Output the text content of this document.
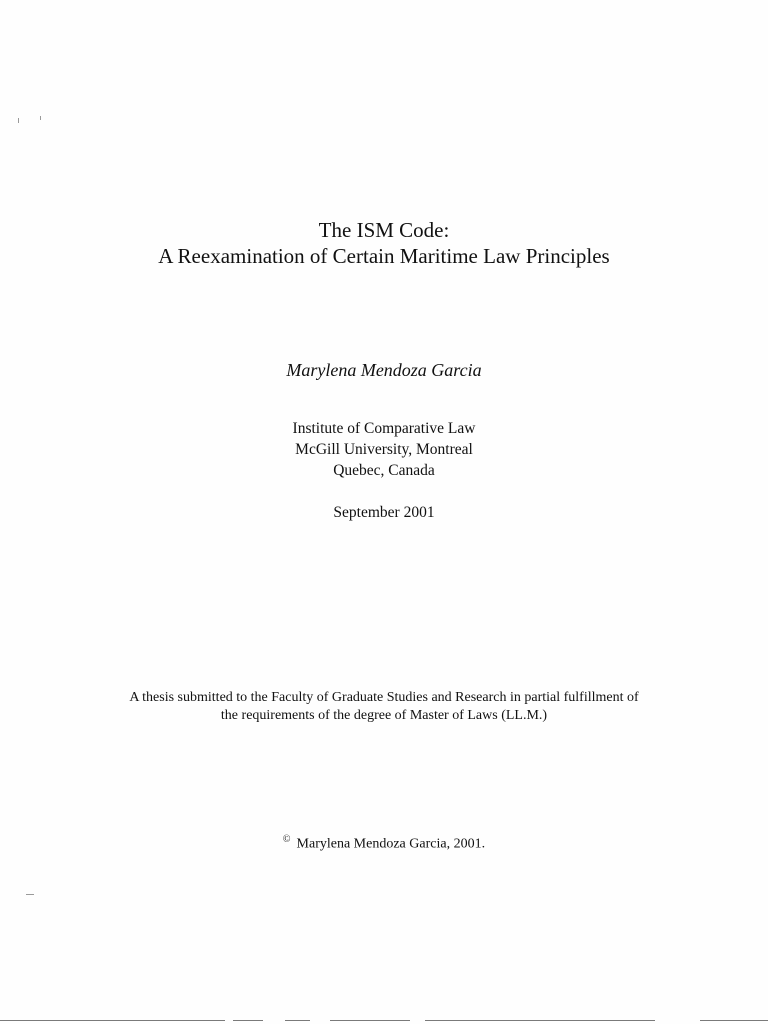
The ISM Code:
A Reexamination of Certain Maritime Law Principles
Marylena Mendoza Garcia
Institute of Comparative Law
McGill University, Montreal
Quebec, Canada
September 2001
A thesis submitted to the Faculty of Graduate Studies and Research in partial fulfillment of
the requirements of the degree of Master of Laws (LL.M.)
© Marylena Mendoza Garcia, 2001.
